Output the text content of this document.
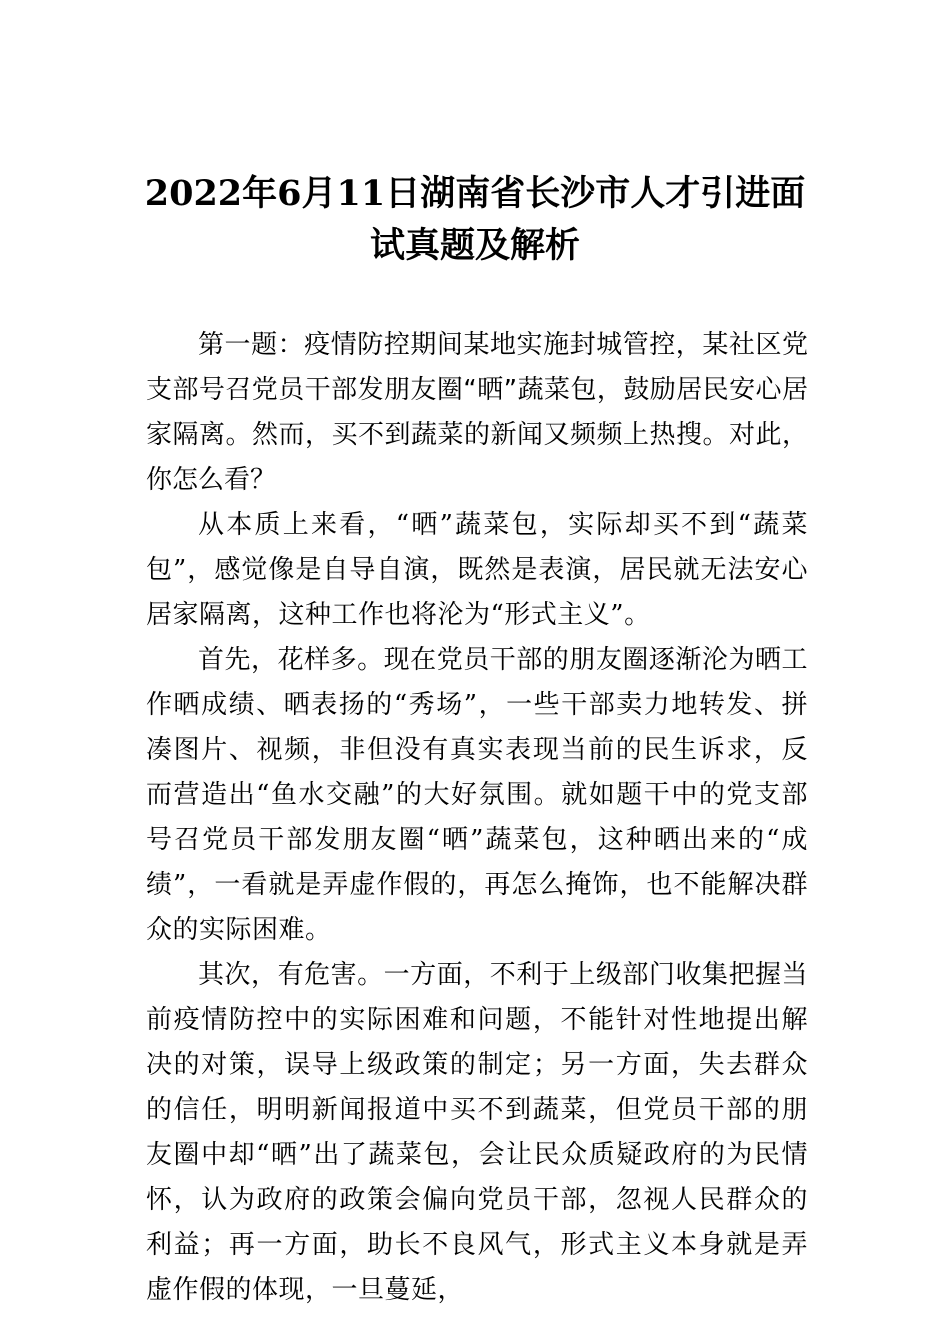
2022年6月11日湖南省长沙市人才引进面试真题及解析

第一题：疫情防控期间某地实施封城管控，某社区党支部号召党员干部发朋友圈“晒”蔬菜包，鼓励居民安心居家隔离。然而，买不到蔬菜的新闻又频频上热搜。对此，你怎么看？

从本质上来看，“晒”蔬菜包，实际却买不到“蔬菜包”，感觉像是自导自演，既然是表演，居民就无法安心居家隔离，这种工作也将沦为“形式主义”。

首先，花样多。现在党员干部的朋友圈逐渐沦为晒工作晒成绩、晒表扬的“秀场”，一些干部卖力地转发、拼凑图片、视频，非但没有真实表现当前的民生诉求，反而营造出“鱼水交融”的大好氛围。就如题干中的党支部号召党员干部发朋友圈“晒”蔬菜包，这种晒出来的“成绩”，一看就是弄虚作假的，再怎么掩饰，也不能解决群众的实际困难。

其次，有危害。一方面，不利于上级部门收集把握当前疫情防控中的实际困难和问题，不能针对性地提出解决的对策，误导上级政策的制定；另一方面，失去群众的信任，明明新闻报道中买不到蔬菜，但党员干部的朋友圈中却“晒”出了蔬菜包，会让民众质疑政府的为民情怀，认为政府的政策会偏向党员干部，忽视人民群众的利益；再一方面，助长不良风气，形式主义本身就是弄虚作假的体现，一旦蔓延，
